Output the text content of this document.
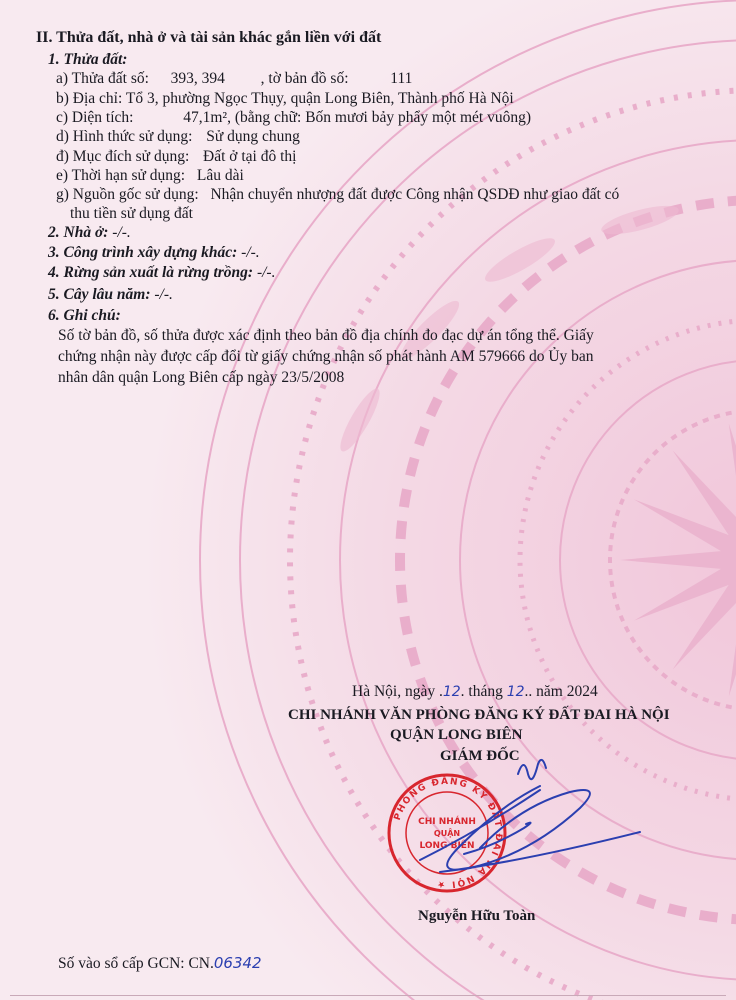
II. Thửa đất, nhà ở và tài sản khác gắn liền với đất
1. Thửa đất:
a) Thửa đất số: 393, 394 , tờ bản đồ số:	111
b) Địa chỉ: Tổ 3, phường Ngọc Thụy, quận Long Biên, Thành phố Hà Nội
c) Diện tích:	47,1m², (bằng chữ: Bốn mươi bảy phẩy một mét vuông)
d) Hình thức sử dụng: Sử dụng chung
đ) Mục đích sử dụng: Đất ở tại đô thị
e) Thời hạn sử dụng: Lâu dài
g) Nguồn gốc sử dụng: Nhận chuyển nhượng đất được Công nhận QSDĐ như giao đất có
thu tiền sử dụng đất
2. Nhà ở: -/-.
3. Công trình xây dựng khác: -/-.
4. Rừng sản xuất là rừng trồng: -/-.
5. Cây lâu năm: -/-.
6. Ghi chú:
Số tờ bản đồ, số thửa được xác định theo bản đồ địa chính đo đạc dự án tổng thể. Giấy
chứng nhận này được cấp đổi từ giấy chứng nhận số phát hành AM 579666 do Ủy ban
nhân dân quận Long Biên cấp ngày 23/5/2008
Hà Nội, ngày .12. tháng 12.. năm 2024
CHI NHÁNH VĂN PHÒNG ĐĂNG KÝ ĐẤT ĐAI HÀ NỘI
QUẬN LONG BIÊN
GIÁM ĐỐC
Nguyễn Hữu Toàn
Số vào sổ cấp GCN: CN.06342
PHÒNG ĐĂNG KÝ ĐẤT ĐAI HÀ NỘI ★
CHI NHÁNH
QUẬN
LONG BIÊN
